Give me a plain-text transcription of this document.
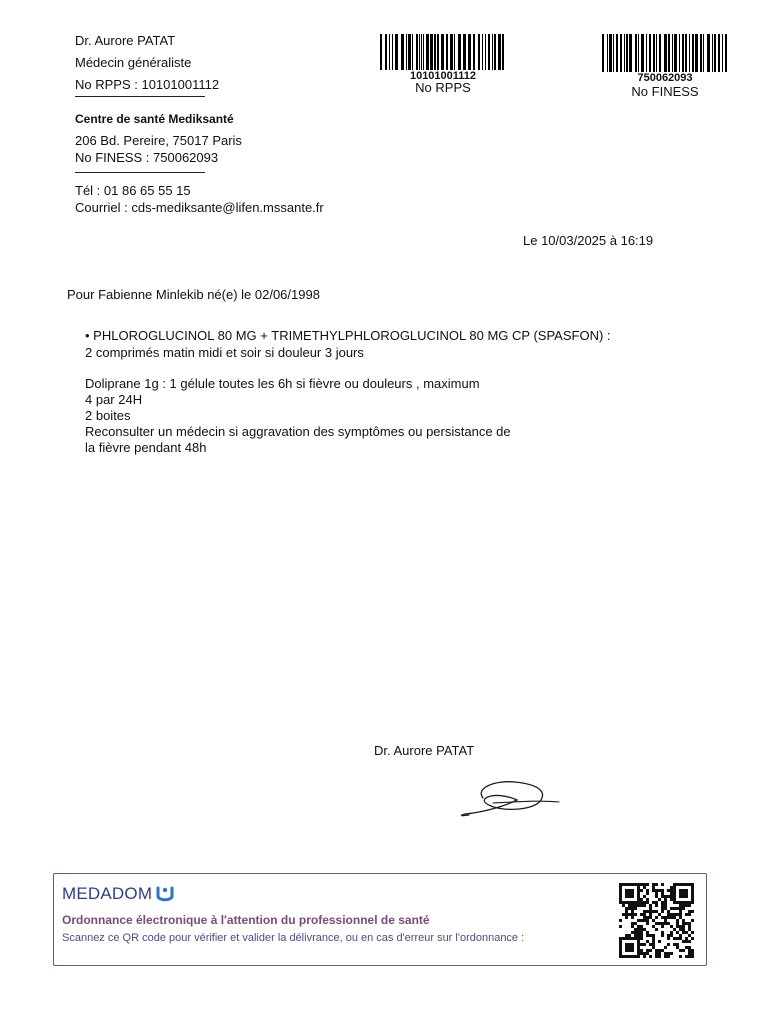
Dr. Aurore PATAT
Médecin généraliste
No RPPS : 10101001112
Centre de santé Mediksanté
206 Bd. Pereire, 75017 Paris
No FINESS : 750062093
Tél : 01 86 65 55 15
Courriel : cds-mediksante@lifen.mssante.fr
10101001112
No RPPS
750062093
No FINESS
Le 10/03/2025 à 16:19
Pour Fabienne Minlekib né(e) le 02/06/1998
• PHLOROGLUCINOL 80 MG + TRIMETHYLPHLOROGLUCINOL 80 MG CP (SPASFON) :
2 comprimés matin midi et soir si douleur 3 jours
Doliprane 1g : 1 gélule toutes les 6h si fièvre ou douleurs , maximum
4 par 24H
2 boites
Reconsulter un médecin si aggravation des symptômes ou persistance de
la fièvre pendant 48h
Dr. Aurore PATAT
MEDADOM
Ordonnance électronique à l'attention du professionnel de santé
Scannez ce QR code pour vérifier et valider la délivrance, ou en cas d'erreur sur l'ordonnance :
